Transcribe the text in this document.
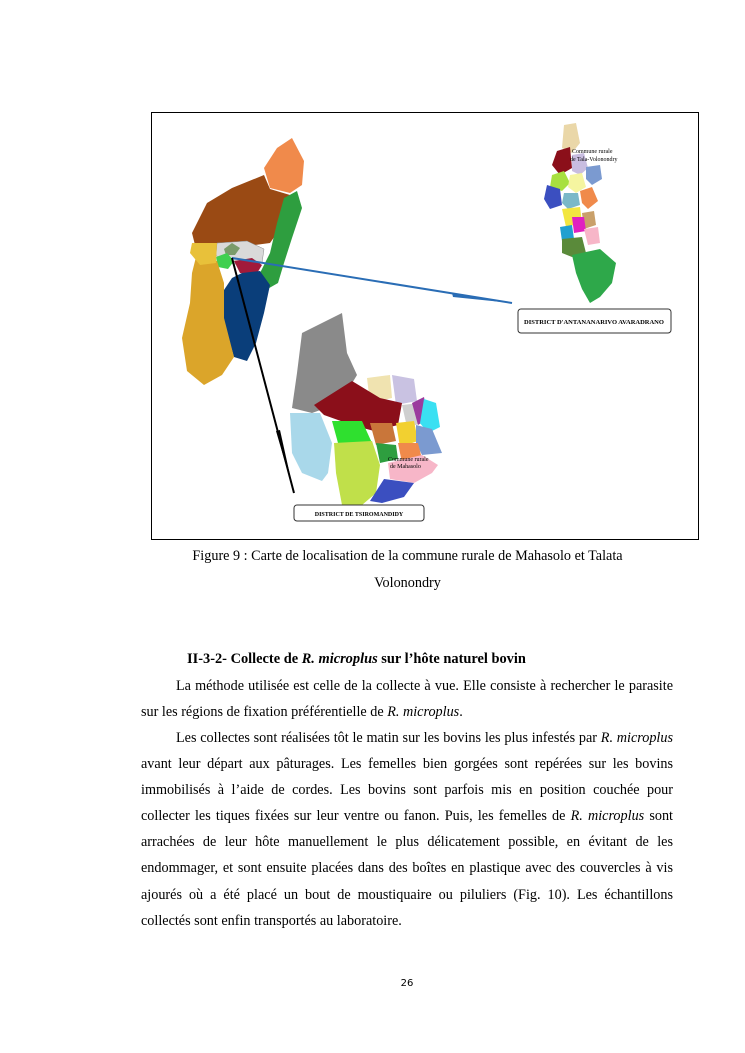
DISTRICT D'ANTANANARIVO AVARADRANO
DISTRICT DE TSIROMANDIDY
Commune rurale
de Tala-Volonondry
Commune rurale
de Mahasolo
Figure 9 : Carte de localisation de la commune rurale de Mahasolo et Talata
Volonondry
II-3-2- Collecte de R. microplus sur l’hôte naturel bovin
La méthode utilisée est celle de la collecte à vue. Elle consiste à rechercher le parasite sur les régions de fixation préférentielle de R. microplus.
Les collectes sont réalisées tôt le matin sur les bovins les plus infestés par R. microplus avant leur départ aux pâturages. Les femelles bien gorgées sont repérées sur les bovins immobilisés à l’aide de cordes. Les bovins sont parfois mis en position couchée pour collecter les tiques fixées sur leur ventre ou fanon. Puis, les femelles de R. microplus sont arrachées de leur hôte manuellement le plus délicatement possible, en évitant de les endommager, et sont ensuite placées dans des boîtes en plastique avec des couvercles à vis ajourés où a été placé un bout de moustiquaire ou piluliers (Fig. 10). Les échantillons collectés sont enfin transportés au laboratoire.
26
